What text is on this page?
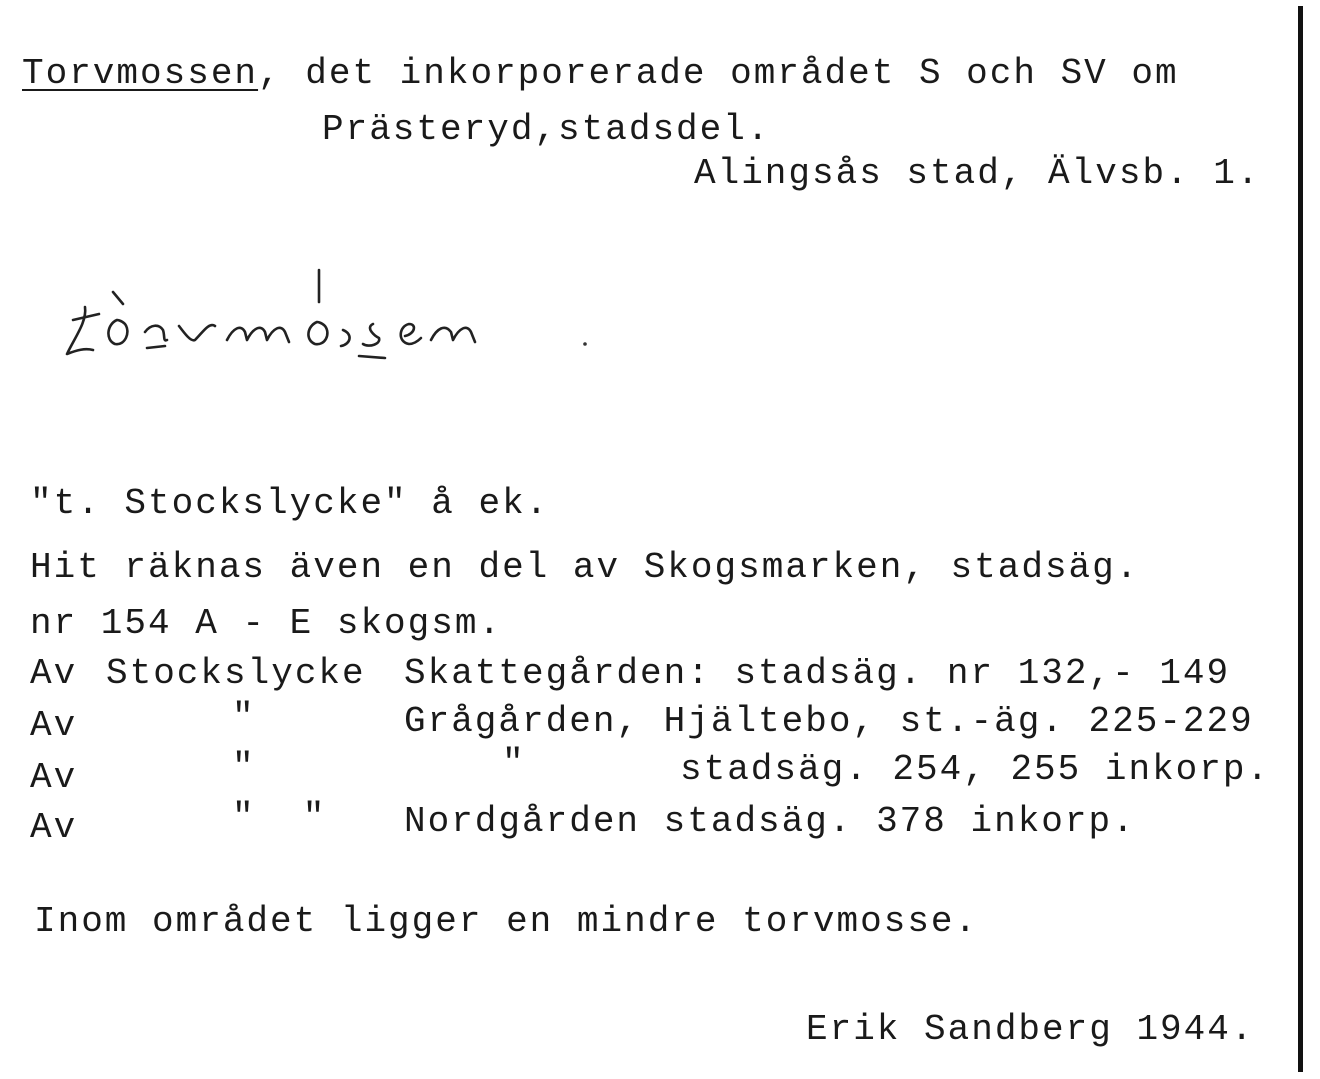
Torvmossen, det inkorporerade området S och SV om
Prästeryd,stadsdel.
Alingsås stad, Älvsb. 1.
"t. Stockslycke" å ek.
Hit räknas även en del av Skogsmarken, stadsäg.
nr 154 A - E skogsm.
Av Stockslycke Skattegården: stadsäg. nr 132,- 149
Av	"	Grågården, Hjältebo, st.-äg. 225-229
Av	"	"	stadsäg. 254, 255 inkorp.
Av	"  " Nordgården stadsäg. 378 inkorp.
Inom området ligger en mindre torvmosse.
Erik Sandberg 1944.
